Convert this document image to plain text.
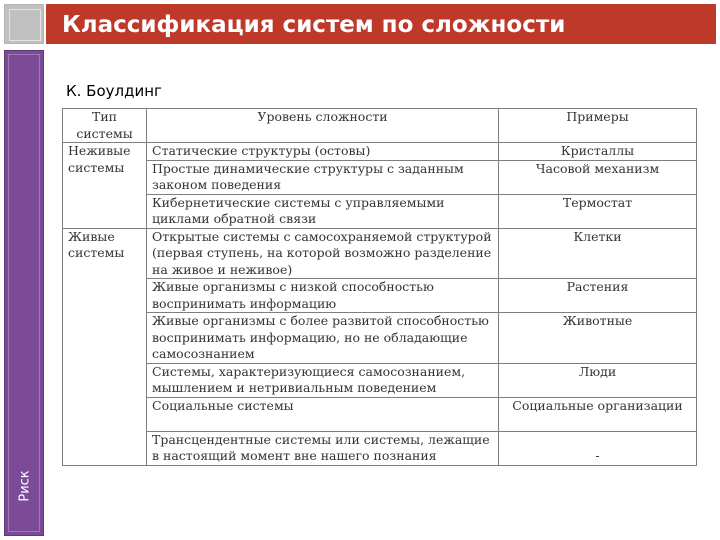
Классификация систем по сложности
Риск
К. Боулдинг
Тип системы	Уровень сложности	Примеры
Неживые системы	Статические структуры (остовы)	Кристаллы
	Простые динамические структуры с заданным законом поведения	Часовой механизм
	Кибернетические системы с управляемыми циклами обратной связи	Термостат
Живые системы	Открытые системы с самосохраняемой структурой (первая ступень, на которой возможно разделение на живое и неживое)	Клетки
	Живые организмы с низкой способностью воспринимать информацию	Растения
	Живые организмы с более развитой способностью воспринимать информацию, но не обладающие самосознанием	Животные
	Системы, характеризующиеся самосознанием, мышлением и нетривиальным поведением	Люди
	Социальные системы	Социальные организации
	Трансцендентные системы или системы, лежащие в настоящий момент вне нашего познания	-
